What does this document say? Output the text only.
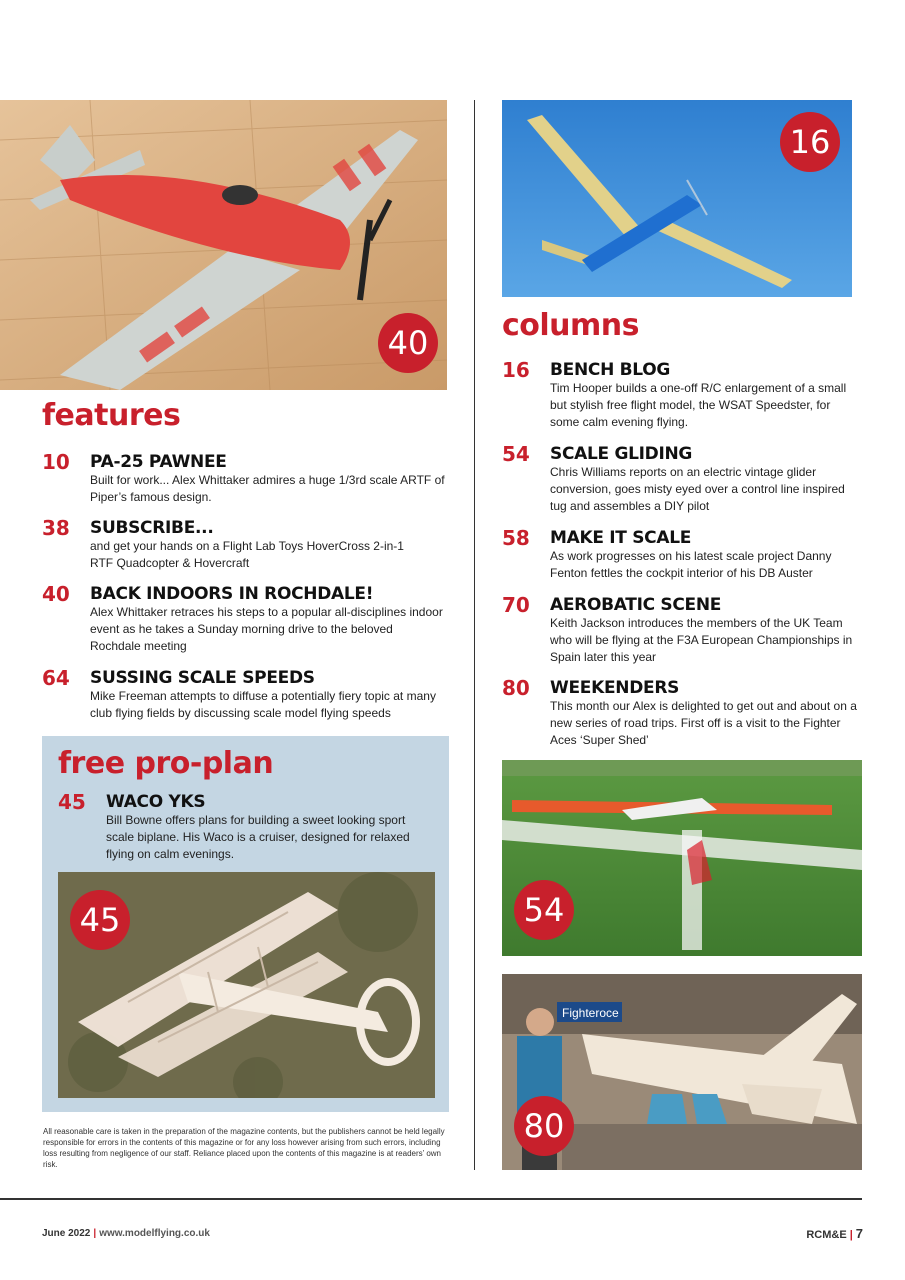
40
features
10 PA-25 PAWNEE
Built for work... Alex Whittaker admires a huge 1/3rd scale ARTF of Piper’s famous design.
38 SUBSCRIBE...
and get your hands on a Flight Lab Toys HoverCross 2-in-1 RTF Quadcopter & Hovercraft
40 BACK INDOORS IN ROCHDALE!
Alex Whittaker retraces his steps to a popular all-disciplines indoor event as he takes a Sunday morning drive to the beloved Rochdale meeting
64 SUSSING SCALE SPEEDS
Mike Freeman attempts to diffuse a potentially fiery topic at many club flying fields by discussing scale model flying speeds
free pro-plan
45 WACO YKS
Bill Bowne offers plans for building a sweet looking sport scale biplane. His Waco is a cruiser, designed for relaxed flying on calm evenings.
45
All reasonable care is taken in the preparation of the magazine contents, but the publishers cannot be held legally responsible for errors in the contents of this magazine or for any loss however arising from such errors, including loss resulting from negligence of our staff. Reliance placed upon the contents of this magazine is at readers’ own risk.
16
columns
16 BENCH BLOG
Tim Hooper builds a one-off R/C enlargement of a small but stylish free flight model, the WSAT Speedster, for some calm evening flying.
54 SCALE GLIDING
Chris Williams reports on an electric vintage glider conversion, goes misty eyed over a control line inspired tug and assembles a DIY pilot
58 MAKE IT SCALE
As work progresses on his latest scale project Danny Fenton fettles the cockpit interior of his DB Auster
70 AEROBATIC SCENE
Keith Jackson introduces the members of the UK Team who will be flying at the F3A European Championships in Spain later this year
80 WEEKENDERS
This month our Alex is delighted to get out and about on a new series of road trips. First off is a visit to the Fighter Aces ‘Super Shed’
54
Fighteroce
80
June 2022 | www.modelflying.co.uk	RCM&E | 7
